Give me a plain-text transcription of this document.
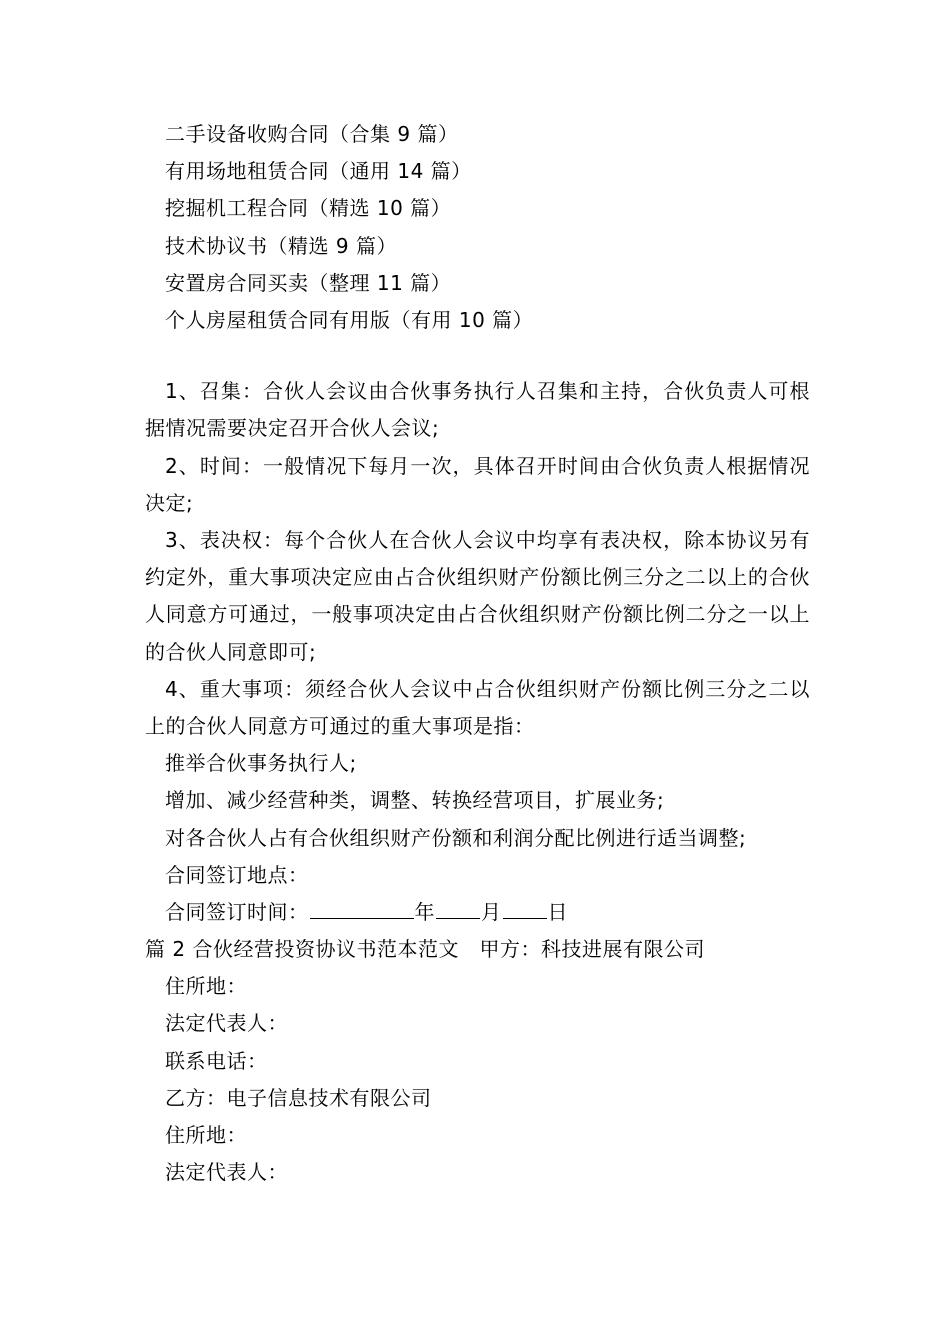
二手设备收购合同（合集 9 篇）
有用场地租赁合同（通用 14 篇）
挖掘机工程合同（精选 10 篇）
技术协议书（精选 9 篇）
安置房合同买卖（整理 11 篇）
个人房屋租赁合同有用版（有用 10 篇）

1、召集：合伙人会议由合伙事务执行人召集和主持，合伙负责人可根据情况需要决定召开合伙人会议;

2、时间：一般情况下每月一次，具体召开时间由合伙负责人根据情况决定;

3、表决权：每个合伙人在合伙人会议中均享有表决权，除本协议另有约定外，重大事项决定应由占合伙组织财产份额比例三分之二以上的合伙人同意方可通过，一般事项决定由占合伙组织财产份额比例二分之一以上的合伙人同意即可;

4、重大事项：须经合伙人会议中占合伙组织财产份额比例三分之二以上的合伙人同意方可通过的重大事项是指：

推举合伙事务执行人;
增加、减少经营种类，调整、转换经营项目，扩展业务;
对各合伙人占有合伙组织财产份额和利润分配比例进行适当调整;
合同签订地点：
合同签订时间：	年 月 日
篇 2 合伙经营投资协议书范本范文　甲方：科技进展有限公司
住所地：
法定代表人：
联系电话：
乙方：电子信息技术有限公司
住所地：
法定代表人：
